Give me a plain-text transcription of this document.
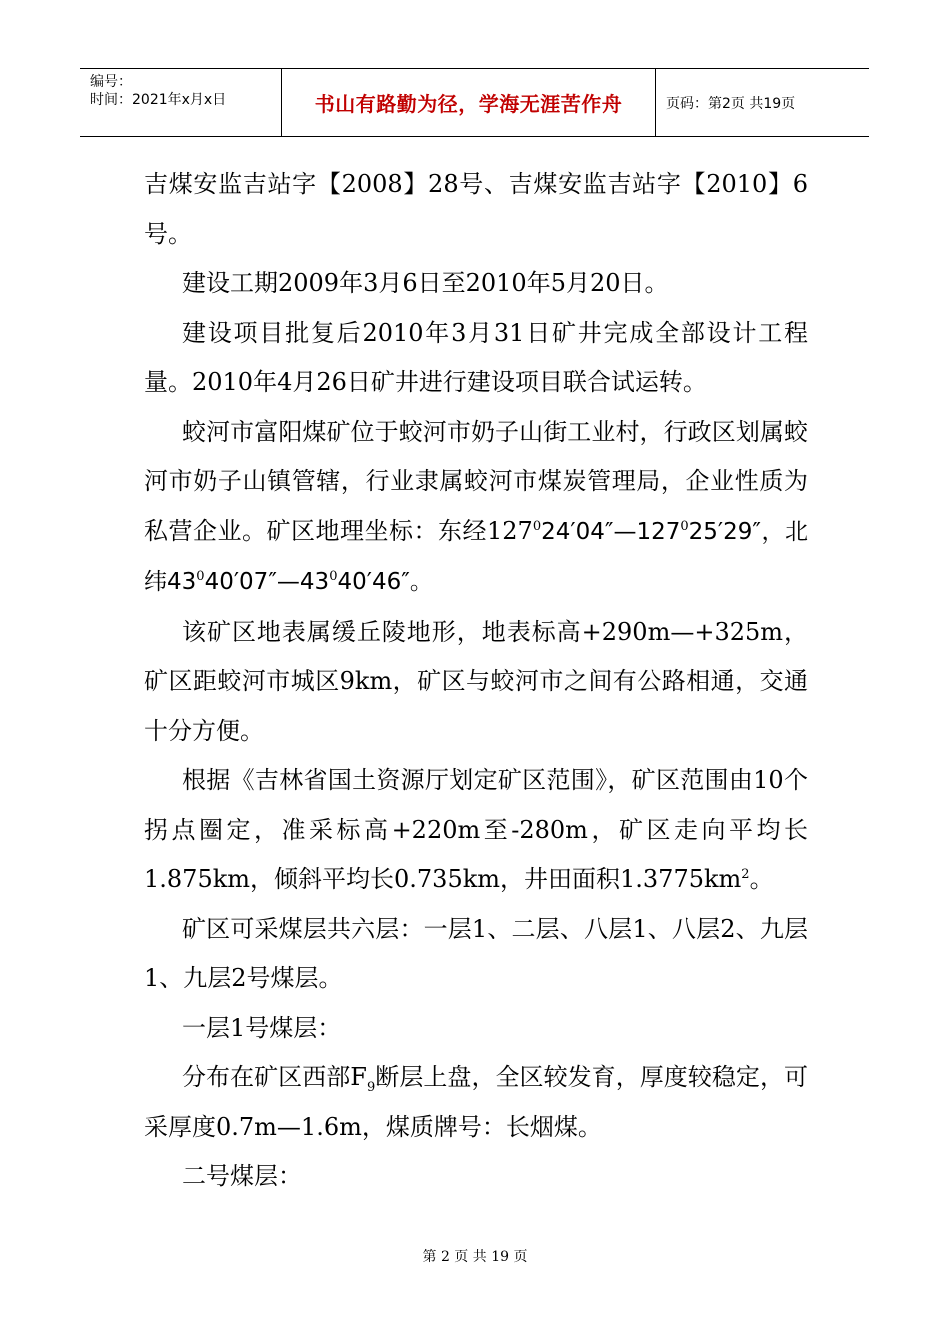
编号：
时间：2021年x月x日	书山有路勤为径，学海无涯苦作舟	页码：第2页 共19页

吉煤安监吉站字【2008】28号、吉煤安监吉站字【2010】6号。

建设工期2009年3月6日至2010年5月20日。

建设项目批复后2010年3月31日矿井完成全部设计工程量。2010年4月26日矿井进行建设项目联合试运转。

蛟河市富阳煤矿位于蛟河市奶子山街工业村，行政区划属蛟河市奶子山镇管辖，行业隶属蛟河市煤炭管理局，企业性质为私营企业。矿区地理坐标：东经$127^024'04''—127^025'29''$，北纬$43^040'07''—43^040'46''$。

该矿区地表属缓丘陵地形，地表标高+290m—+325m，矿区距蛟河市城区9km，矿区与蛟河市之间有公路相通，交通十分方便。

根据《吉林省国土资源厅划定矿区范围》，矿区范围由10个拐点圈定，准采标高+220m至-280m，矿区走向平均长1.875km，倾斜平均长0.735km，井田面积$1.3775km^2$。

矿区可采煤层共六层：一层1、二层、八层1、八层2、九层1、九层2号煤层。

一层1号煤层：

分布在矿区西部$F_9$断层上盘，全区较发育，厚度较稳定，可采厚度0.7m—1.6m，煤质牌号：长烟煤。

二号煤层：

第 2 页 共 19 页
